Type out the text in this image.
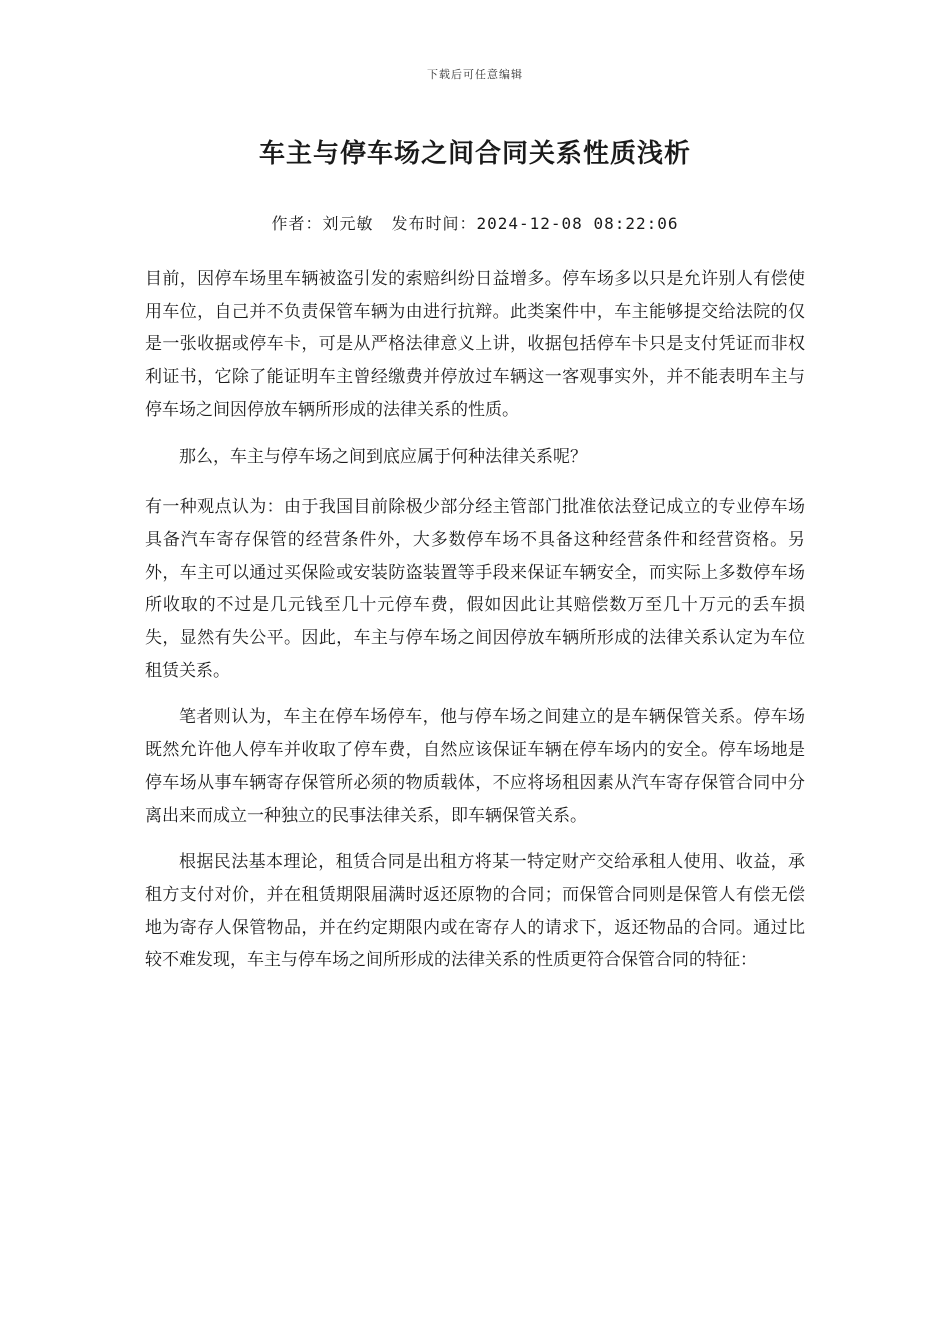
下载后可任意编辑
车主与停车场之间合同关系性质浅析
作者：刘元敏 发布时间：2024-12-08 08:22:06

目前，因停车场里车辆被盗引发的索赔纠纷日益增多。停车场多以只是允许别人有偿使用车位，自己并不负责保管车辆为由进行抗辩。此类案件中，车主能够提交给法院的仅是一张收据或停车卡，可是从严格法律意义上讲，收据包括停车卡只是支付凭证而非权利证书，它除了能证明车主曾经缴费并停放过车辆这一客观事实外，并不能表明车主与停车场之间因停放车辆所形成的法律关系的性质。

那么，车主与停车场之间到底应属于何种法律关系呢？

有一种观点认为：由于我国目前除极少部分经主管部门批准依法登记成立的专业停车场具备汽车寄存保管的经营条件外，大多数停车场不具备这种经营条件和经营资格。另外，车主可以通过买保险或安装防盗装置等手段来保证车辆安全，而实际上多数停车场所收取的不过是几元钱至几十元停车费，假如因此让其赔偿数万至几十万元的丢车损失，显然有失公平。因此，车主与停车场之间因停放车辆所形成的法律关系认定为车位租赁关系。

笔者则认为，车主在停车场停车，他与停车场之间建立的是车辆保管关系。停车场既然允许他人停车并收取了停车费，自然应该保证车辆在停车场内的安全。停车场地是停车场从事车辆寄存保管所必须的物质载体，不应将场租因素从汽车寄存保管合同中分离出来而成立一种独立的民事法律关系，即车辆保管关系。

根据民法基本理论，租赁合同是出租方将某一特定财产交给承租人使用、收益，承租方支付对价，并在租赁期限届满时返还原物的合同；而保管合同则是保管人有偿无偿地为寄存人保管物品，并在约定期限内或在寄存人的请求下，返还物品的合同。通过比较不难发现，车主与停车场之间所形成的法律关系的性质更符合保管合同的特征：
